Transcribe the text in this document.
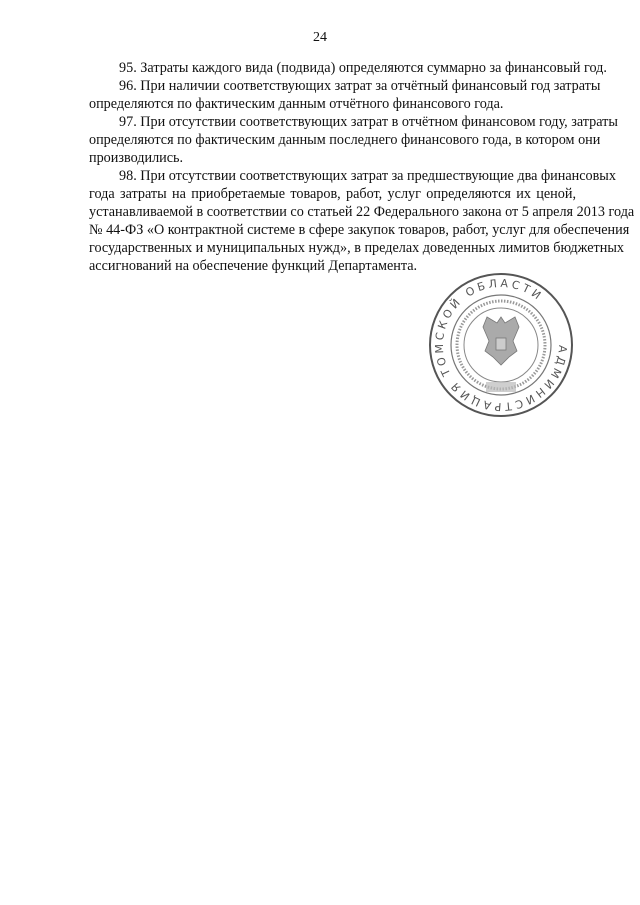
24
95. Затраты каждого вида (подвида) определяются суммарно за финансовый год.
96. При наличии соответствующих затрат за отчётный финансовый год затраты
определяются по фактическим данным отчётного финансового года.
97. При отсутствии соответствующих затрат в отчётном финансовом году, затраты
определяются по фактическим данным последнего финансового года, в котором они
производились.
98. При отсутствии соответствующих затрат за предшествующие два финансовых
года затраты на приобретаемые товаров, работ, услуг определяются их ценой,
устанавливаемой в соответствии со статьей 22 Федерального закона от 5 апреля 2013 года
№ 44-ФЗ «О контрактной системе в сфере закупок товаров, работ, услуг для обеспечения
государственных и муниципальных нужд», в пределах доведенных лимитов бюджетных
ассигнований на обеспечение функций Департамента.
АДМИНИСТРАЦИЯ ТОМСКОЙ ОБЛАСТИ
